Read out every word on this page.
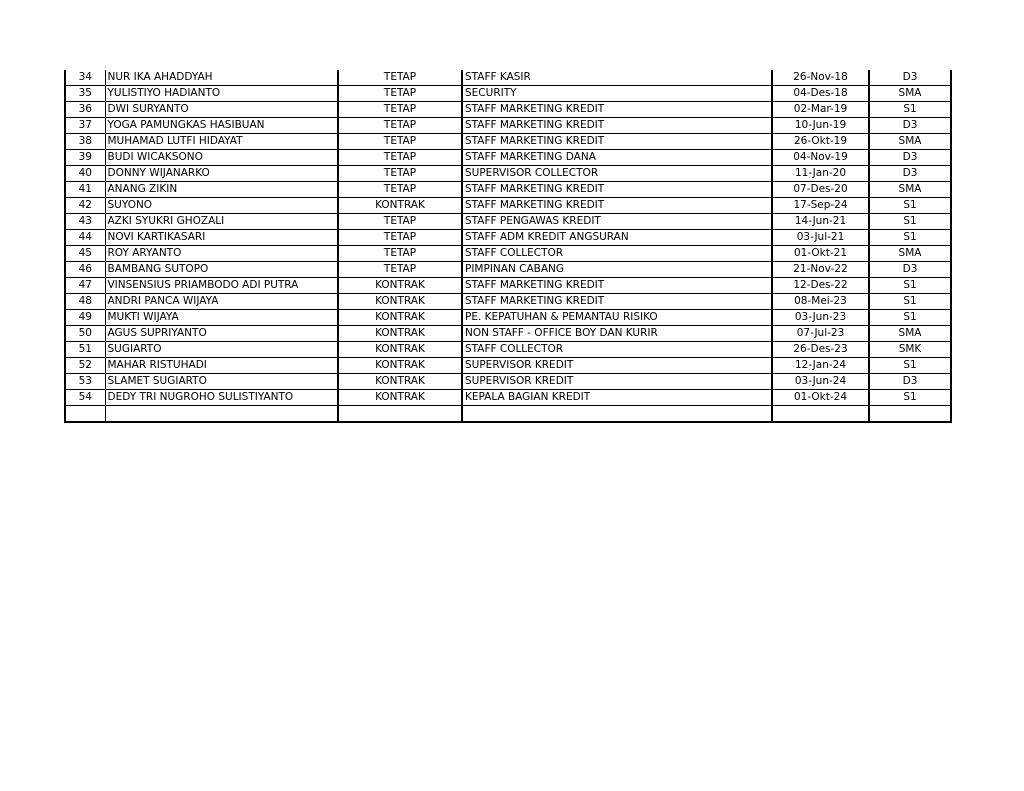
34	NUR IKA AHADDYAH	TETAP	STAFF KASIR	26-Nov-18	D3
35	YULISTIYO HADIANTO	TETAP	SECURITY	04-Des-18	SMA
36	DWI SURYANTO	TETAP	STAFF MARKETING KREDIT	02-Mar-19	S1
37	YOGA PAMUNGKAS HASIBUAN	TETAP	STAFF MARKETING KREDIT	10-Jun-19	D3
38	MUHAMAD LUTFI HIDAYAT	TETAP	STAFF MARKETING KREDIT	26-Okt-19	SMA
39	BUDI WICAKSONO	TETAP	STAFF MARKETING DANA	04-Nov-19	D3
40	DONNY WIJANARKO	TETAP	SUPERVISOR COLLECTOR	11-Jan-20	D3
41	ANANG ZIKIN	TETAP	STAFF MARKETING KREDIT	07-Des-20	SMA
42	SUYONO	KONTRAK	STAFF MARKETING KREDIT	17-Sep-24	S1
43	AZKI SYUKRI GHOZALI	TETAP	STAFF PENGAWAS KREDIT	14-Jun-21	S1
44	NOVI KARTIKASARI	TETAP	STAFF ADM KREDIT ANGSURAN	03-Jul-21	S1
45	ROY ARYANTO	TETAP	STAFF COLLECTOR	01-Okt-21	SMA
46	BAMBANG SUTOPO	TETAP	PIMPINAN CABANG	21-Nov-22	D3
47	VINSENSIUS PRIAMBODO ADI PUTRA	KONTRAK	STAFF MARKETING KREDIT	12-Des-22	S1
48	ANDRI PANCA WIJAYA	KONTRAK	STAFF MARKETING KREDIT	08-Mei-23	S1
49	MUKTI WIJAYA	KONTRAK	PE. KEPATUHAN & PEMANTAU RISIKO	03-Jun-23	S1
50	AGUS SUPRIYANTO	KONTRAK	NON STAFF - OFFICE BOY DAN KURIR	07-Jul-23	SMA
51	SUGIARTO	KONTRAK	STAFF COLLECTOR	26-Des-23	SMK
52	MAHAR RISTUHADI	KONTRAK	SUPERVISOR KREDIT	12-Jan-24	S1
53	SLAMET SUGIARTO	KONTRAK	SUPERVISOR KREDIT	03-Jun-24	D3
54	DEDY TRI NUGROHO SULISTIYANTO	KONTRAK	KEPALA BAGIAN KREDIT	01-Okt-24	S1
